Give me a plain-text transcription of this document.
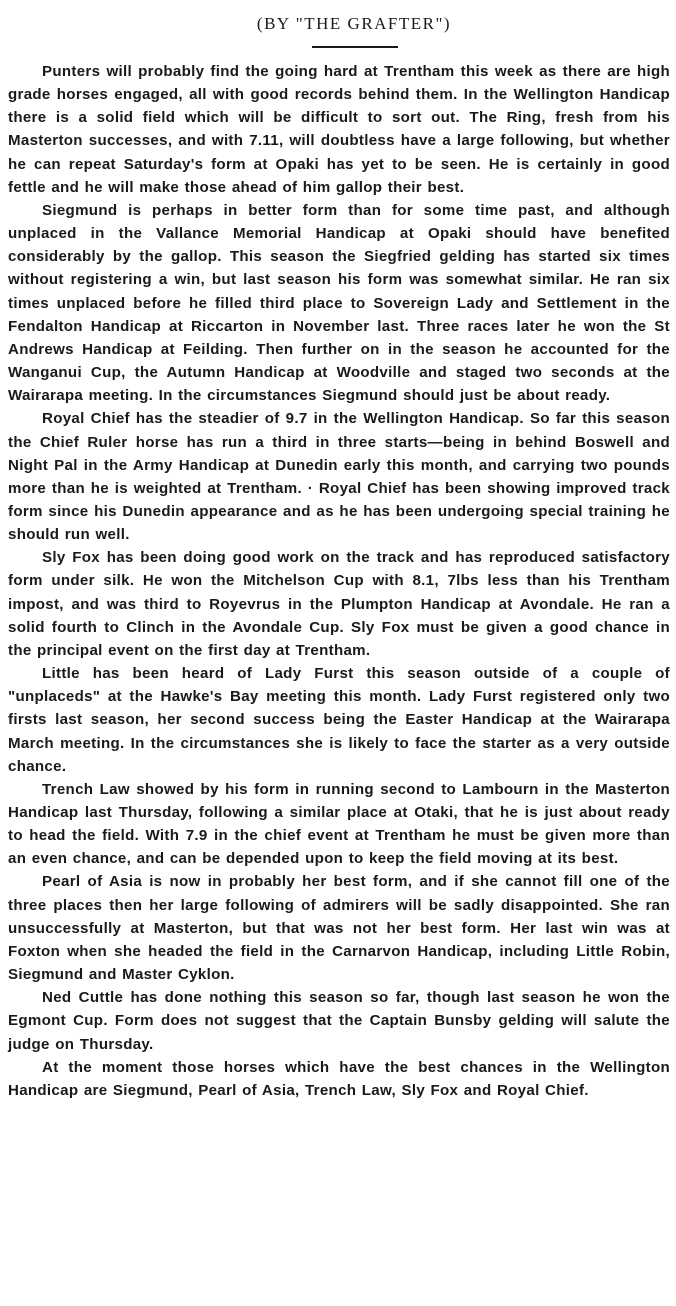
(BY "THE GRAFTER")

Punters will probably find the going hard at Trentham this week as there are high grade horses engaged, all with good records behind them. In the Wellington Handicap there is a solid field which will be difficult to sort out. The Ring, fresh from his Masterton successes, and with 7.11, will doubtless have a large following, but whether he can repeat Saturday's form at Opaki has yet to be seen. He is certainly in good fettle and he will make those ahead of him gallop their best.

Siegmund is perhaps in better form than for some time past, and although unplaced in the Vallance Memorial Handicap at Opaki should have benefited considerably by the gallop. This season the Siegfried gelding has started six times without registering a win, but last season his form was somewhat similar. He ran six times unplaced before he filled third place to Sovereign Lady and Settlement in the Fendalton Handicap at Riccarton in November last. Three races later he won the St Andrews Handicap at Feilding. Then further on in the season he accounted for the Wanganui Cup, the Autumn Handicap at Woodville and staged two seconds at the Wairarapa meeting. In the circumstances Siegmund should just be about ready.

Royal Chief has the steadier of 9.7 in the Wellington Handicap. So far this season the Chief Ruler horse has run a third in three starts—being in behind Boswell and Night Pal in the Army Handicap at Dunedin early this month, and carrying two pounds more than he is weighted at Trentham. · Royal Chief has been showing improved track form since his Dunedin appearance and as he has been undergoing special training he should run well.

Sly Fox has been doing good work on the track and has reproduced satisfactory form under silk. He won the Mitchelson Cup with 8.1, 7lbs less than his Trentham impost, and was third to Royevrus in the Plumpton Handicap at Avondale. He ran a solid fourth to Clinch in the Avondale Cup. Sly Fox must be given a good chance in the principal event on the first day at Trentham.

Little has been heard of Lady Furst this season outside of a couple of "unplaceds" at the Hawke's Bay meeting this month. Lady Furst registered only two firsts last season, her second success being the Easter Handicap at the Wairarapa March meeting. In the circumstances she is likely to face the starter as a very outside chance.

Trench Law showed by his form in running second to Lambourn in the Masterton Handicap last Thursday, following a similar place at Otaki, that he is just about ready to head the field. With 7.9 in the chief event at Trentham he must be given more than an even chance, and can be depended upon to keep the field moving at its best.

Pearl of Asia is now in probably her best form, and if she cannot fill one of the three places then her large following of admirers will be sadly disappointed. She ran unsuccessfully at Masterton, but that was not her best form. Her last win was at Foxton when she headed the field in the Carnarvon Handicap, including Little Robin, Siegmund and Master Cyklon.

Ned Cuttle has done nothing this season so far, though last season he won the Egmont Cup. Form does not suggest that the Captain Bunsby gelding will salute the judge on Thursday.

At the moment those horses which have the best chances in the Wellington Handicap are Siegmund, Pearl of Asia, Trench Law, Sly Fox and Royal Chief.
